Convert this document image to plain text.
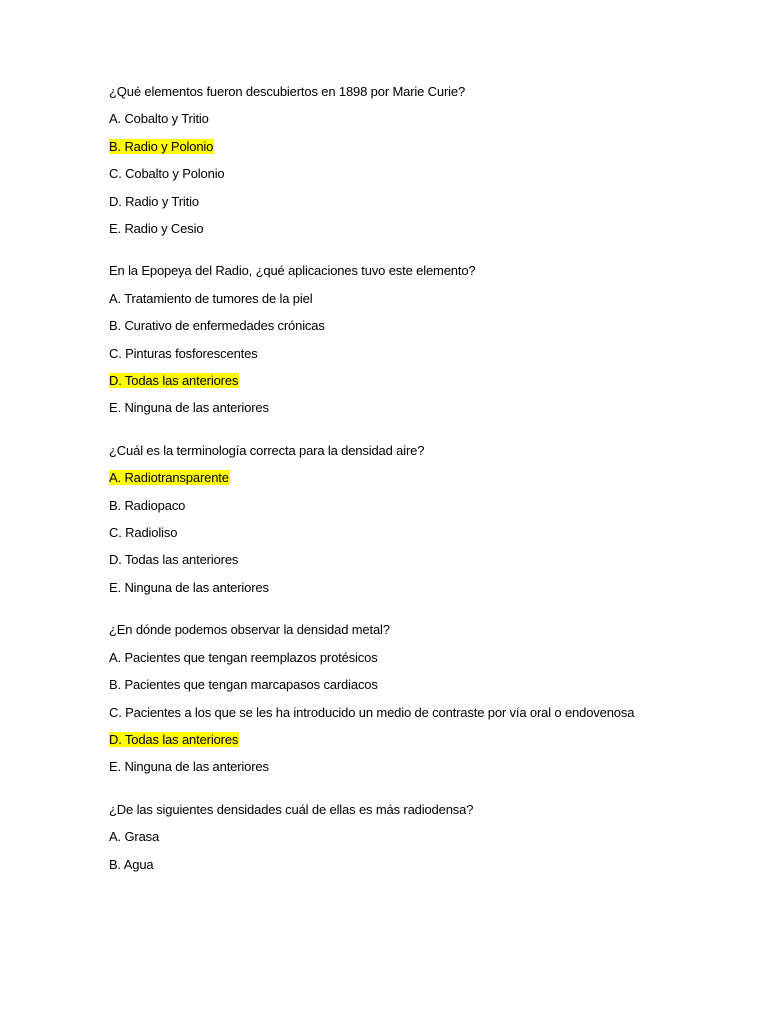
¿Qué elementos fueron descubiertos en 1898 por Marie Curie?
A. Cobalto y Tritio
B. Radio y Polonio
C. Cobalto y Polonio
D. Radio y Tritio
E. Radio y Cesio
En la Epopeya del Radio, ¿qué aplicaciones tuvo este elemento?
A. Tratamiento de tumores de la piel
B. Curativo de enfermedades crónicas
C. Pinturas fosforescentes
D. Todas las anteriores
E. Ninguna de las anteriores
¿Cuál es la terminología correcta para la densidad aire?
A. Radiotransparente
B. Radiopaco
C. Radioliso
D. Todas las anteriores
E. Ninguna de las anteriores
¿En dónde podemos observar la densidad metal?
A. Pacientes que tengan reemplazos protésicos
B. Pacientes que tengan marcapasos cardiacos
C. Pacientes a los que se les ha introducido un medio de contraste por vía oral o endovenosa
D. Todas las anteriores
E. Ninguna de las anteriores
¿De las siguientes densidades cuál de ellas es más radiodensa?
A. Grasa
B. Agua
